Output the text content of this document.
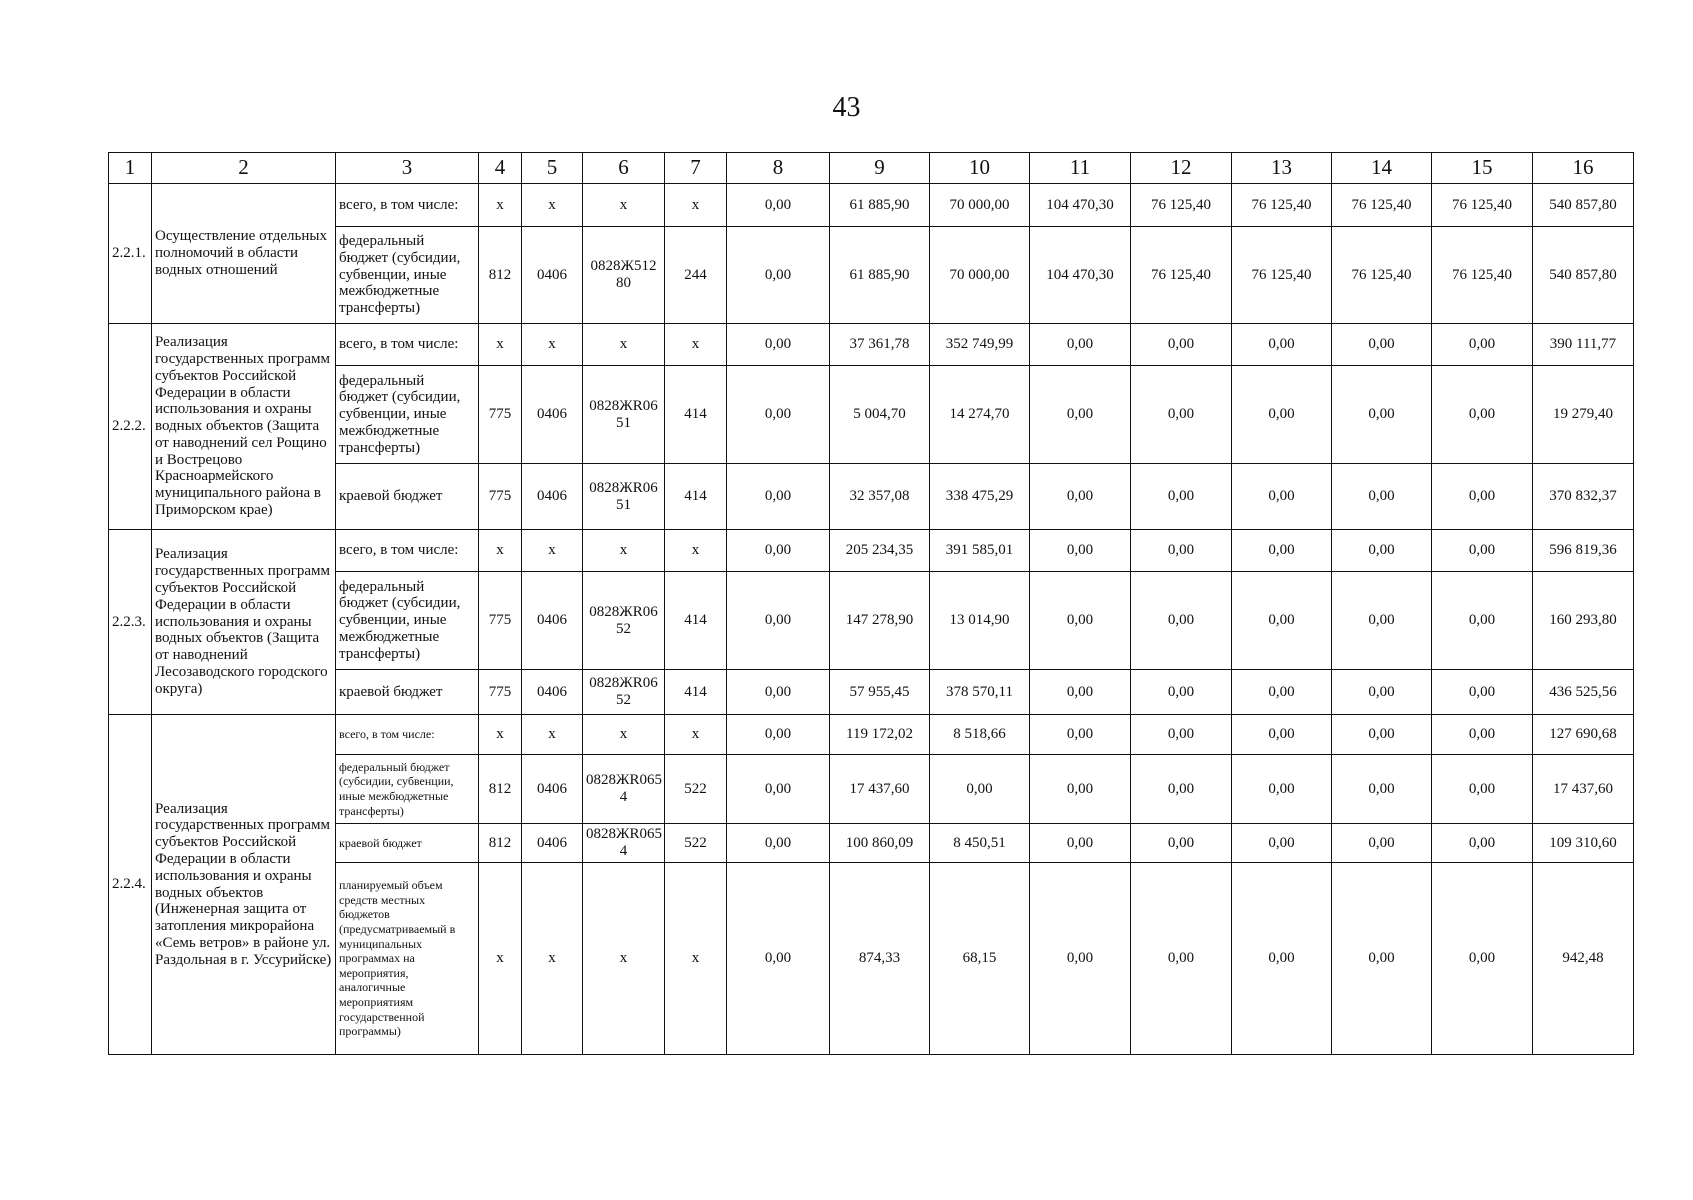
43
1	2	3	4	5	6	7	8	9	10	11	12	13	14	15	16
2.2.1.	Осуществление отдельных полномочий в области водных отношений	всего, в том числе:	х	х	х	х	0,00	61 885,90	70 000,00	104 470,30	76 125,40	76 125,40	76 125,40	76 125,40	540 857,80
		федеральный бюджет (субсидии, субвенции, иные межбюджетные трансферты)	812	0406	0828Ж512 80	244	0,00	61 885,90	70 000,00	104 470,30	76 125,40	76 125,40	76 125,40	76 125,40	540 857,80
2.2.2.	Реализация государственных программ субъектов Российской Федерации в области использования и охраны водных объектов (Защита от наводнений сел Рощино и Вострецово Красноармейского муниципального района в Приморском крае)	всего, в том числе:	х	х	х	х	0,00	37 361,78	352 749,99	0,00	0,00	0,00	0,00	0,00	390 111,77
		федеральный бюджет (субсидии, субвенции, иные межбюджетные трансферты)	775	0406	0828ЖR06 51	414	0,00	5 004,70	14 274,70	0,00	0,00	0,00	0,00	0,00	19 279,40
		краевой бюджет	775	0406	0828ЖR06 51	414	0,00	32 357,08	338 475,29	0,00	0,00	0,00	0,00	0,00	370 832,37
2.2.3.	Реализация государственных программ субъектов Российской Федерации в области использования и охраны водных объектов (Защита от наводнений Лесозаводского городского округа)	всего, в том числе:	х	х	х	х	0,00	205 234,35	391 585,01	0,00	0,00	0,00	0,00	0,00	596 819,36
		федеральный бюджет (субсидии, субвенции, иные межбюджетные трансферты)	775	0406	0828ЖR06 52	414	0,00	147 278,90	13 014,90	0,00	0,00	0,00	0,00	0,00	160 293,80
		краевой бюджет	775	0406	0828ЖR06 52	414	0,00	57 955,45	378 570,11	0,00	0,00	0,00	0,00	0,00	436 525,56
2.2.4.	Реализация государственных программ субъектов Российской Федерации в области использования и охраны водных объектов (Инженерная защита от затопления микрорайона «Семь ветров» в районе ул. Раздольная в г. Уссурийске)	всего, в том числе:	х	х	х	х	0,00	119 172,02	8 518,66	0,00	0,00	0,00	0,00	0,00	127 690,68
		федеральный бюджет (субсидии, субвенции, иные межбюджетные трансферты)	812	0406	0828ЖR065 4	522	0,00	17 437,60	0,00	0,00	0,00	0,00	0,00	0,00	17 437,60
		краевой бюджет	812	0406	0828ЖR065 4	522	0,00	100 860,09	8 450,51	0,00	0,00	0,00	0,00	0,00	109 310,60
		планируемый объем средств местных бюджетов (предусматриваемый в муниципальных программах на мероприятия, аналогичные мероприятиям государственной программы)	х	х	х	х	0,00	874,33	68,15	0,00	0,00	0,00	0,00	0,00	942,48
